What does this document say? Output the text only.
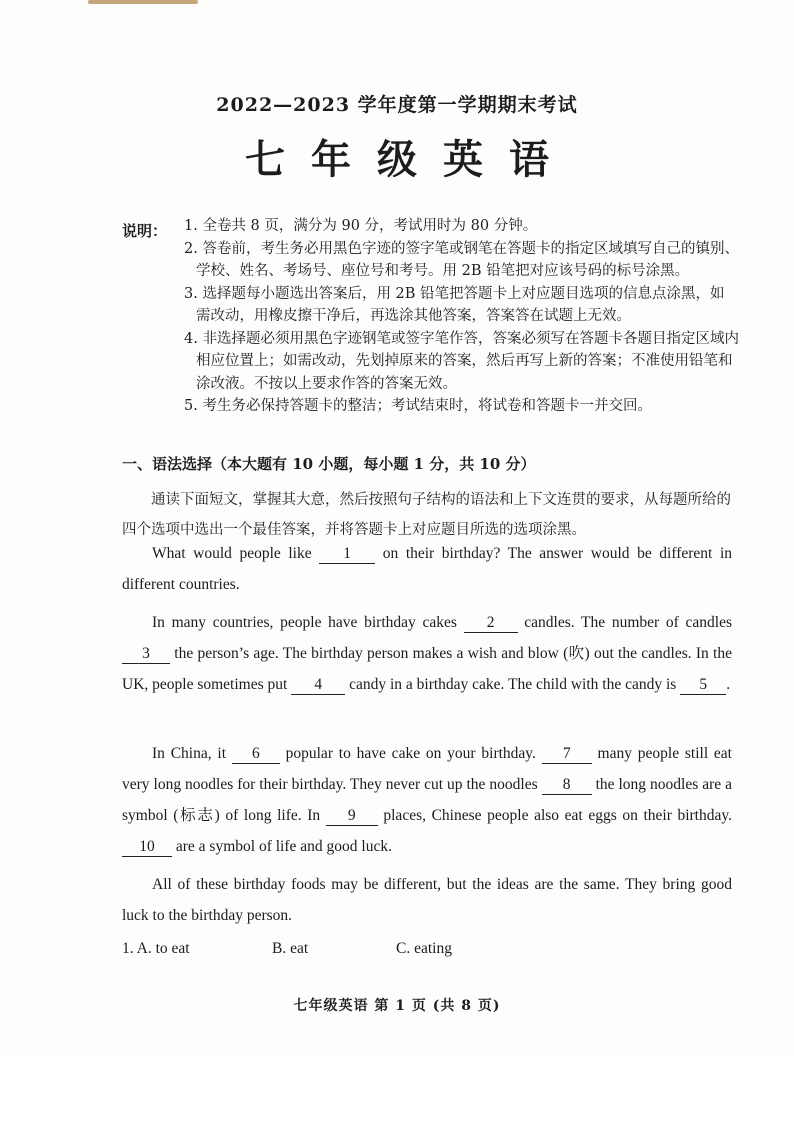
2022—2023 学年度第一学期期末考试
七年级英语
说明： 1. 全卷共 8 页，满分为 90 分，考试用时为 80 分钟。
2. 答卷前，考生务必用黑色字迹的签字笔或钢笔在答题卡的指定区域填写自己的镇别、学校、姓名、考场号、座位号和考号。用 2B 铅笔把对应该号码的标号涂黑。
3. 选择题每小题选出答案后，用 2B 铅笔把答题卡上对应题目选项的信息点涂黑，如需改动，用橡皮擦干净后，再选涂其他答案，答案答在试题上无效。
4. 非选择题必须用黑色字迹钢笔或签字笔作答，答案必须写在答题卡各题目指定区域内相应位置上；如需改动，先划掉原来的答案，然后再写上新的答案；不准使用铅笔和涂改液。不按以上要求作答的答案无效。
5. 考生务必保持答题卡的整洁；考试结束时，将试卷和答题卡一并交回。
一、语法选择（本大题有 10 小题，每小题 1 分，共 10 分）

通读下面短文，掌握其大意，然后按照句子结构的语法和上下文连贯的要求，从每题所给的四个选项中选出一个最佳答案，并将答题卡上对应题目所选的选项涂黑。

What would people like 1 on their birthday? The answer would be different in different countries.

In many countries, people have birthday cakes 2 candles. The number of candles 3 the person’s age. The birthday person makes a wish and blow (吹) out the candles. In the UK, people sometimes put 4 candy in a birthday cake. The child with the candy is 5 .

In China, it 6 popular to have cake on your birthday. 7 many people still eat very long noodles for their birthday. They never cut up the noodles 8 the long noodles are a symbol (标志) of long life. In 9 places, Chinese people also eat eggs on their birthday. 10 are a symbol of life and good luck.

All of these birthday foods may be different, but the ideas are the same. They bring good luck to the birthday person.

1. A. to eat	B. eat	C. eating
七年级英语 第 1 页 (共 8 页)
